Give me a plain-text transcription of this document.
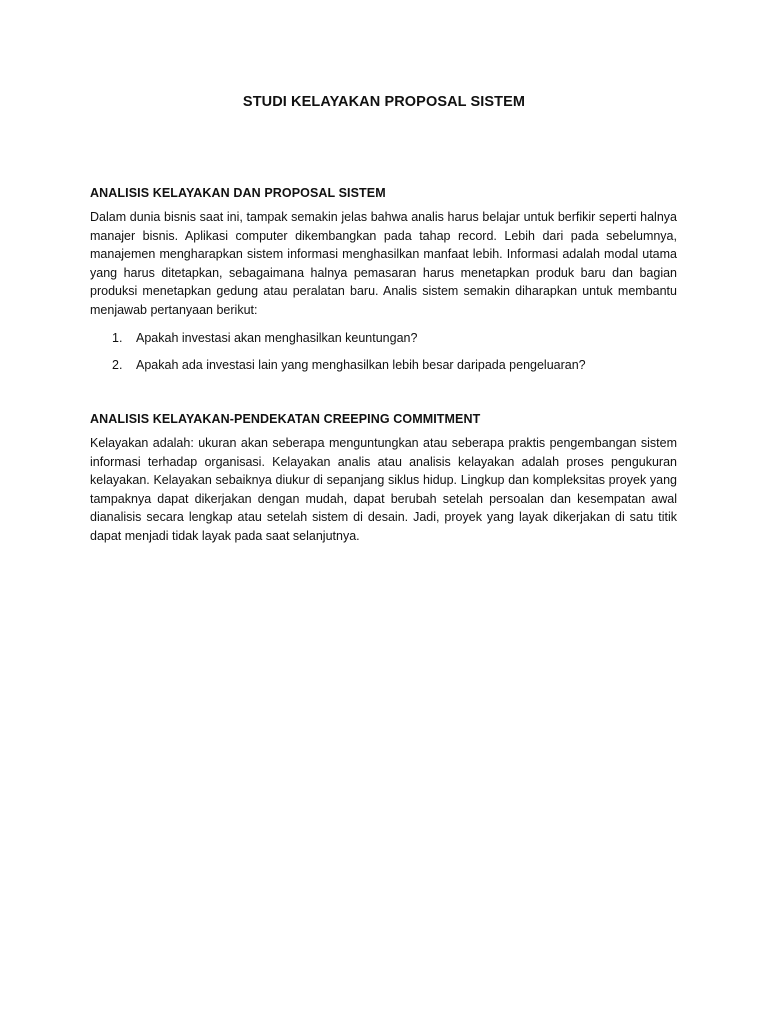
STUDI KELAYAKAN PROPOSAL SISTEM
ANALISIS KELAYAKAN DAN PROPOSAL SISTEM

Dalam dunia bisnis saat ini, tampak semakin jelas bahwa analis harus belajar untuk berfikir seperti halnya manajer bisnis. Aplikasi computer dikembangkan pada tahap record. Lebih dari pada sebelumnya, manajemen mengharapkan sistem informasi menghasilkan manfaat lebih. Informasi adalah modal utama yang harus ditetapkan, sebagaimana halnya pemasaran harus menetapkan produk baru dan bagian produksi menetapkan gedung atau peralatan baru. Analis sistem semakin diharapkan untuk membantu menjawab pertanyaan berikut:

1.	Apakah investasi akan menghasilkan keuntungan?
2.	Apakah ada investasi lain yang menghasilkan lebih besar daripada pengeluaran?
ANALISIS KELAYAKAN-PENDEKATAN CREEPING COMMITMENT

Kelayakan adalah: ukuran akan seberapa menguntungkan atau seberapa praktis pengembangan sistem informasi terhadap organisasi. Kelayakan analis atau analisis kelayakan adalah proses pengukuran kelayakan. Kelayakan sebaiknya diukur di sepanjang siklus hidup. Lingkup dan kompleksitas proyek yang tampaknya dapat dikerjakan dengan mudah, dapat berubah setelah persoalan dan kesempatan awal dianalisis secara lengkap atau setelah sistem di desain. Jadi, proyek yang layak dikerjakan di satu titik dapat menjadi tidak layak pada saat selanjutnya.
